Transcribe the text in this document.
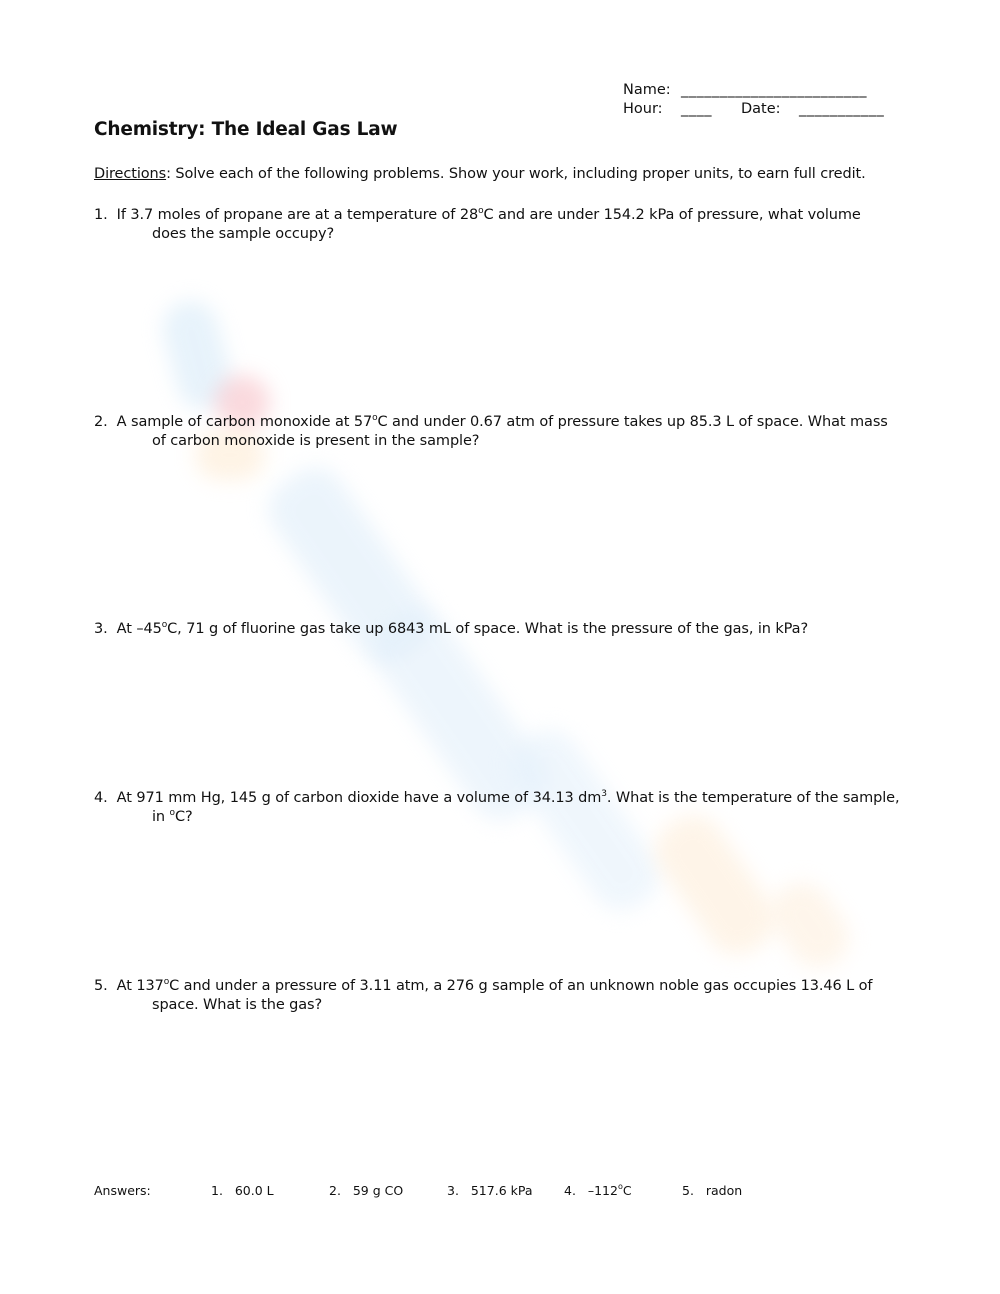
Name: ________________________
Hour: ____ Date: ___________
Chemistry: The Ideal Gas Law
Directions: Solve each of the following problems. Show your work, including proper units, to earn full credit.
1. If 3.7 moles of propane are at a temperature of 28$^o$C and are under 154.2 kPa of pressure, what volume
does the sample occupy?
2. A sample of carbon monoxide at 57$^o$C and under 0.67 atm of pressure takes up 85.3 L of space. What mass
of carbon monoxide is present in the sample?
3. At –45$^o$C, 71 g of fluorine gas take up 6843 mL of space. What is the pressure of the gas, in kPa?
4. At 971 mm Hg, 145 g of carbon dioxide have a volume of 34.13 $dm^3$. What is the temperature of the sample,
in $^o$C?
5. At 137$^o$C and under a pressure of 3.11 atm, a 276 g sample of an unknown noble gas occupies 13.46 L of
space. What is the gas?
Answers:	1. 60.0 L	2. 59 g CO	3. 517.6 kPa	4. –112$^o$C	5. radon
